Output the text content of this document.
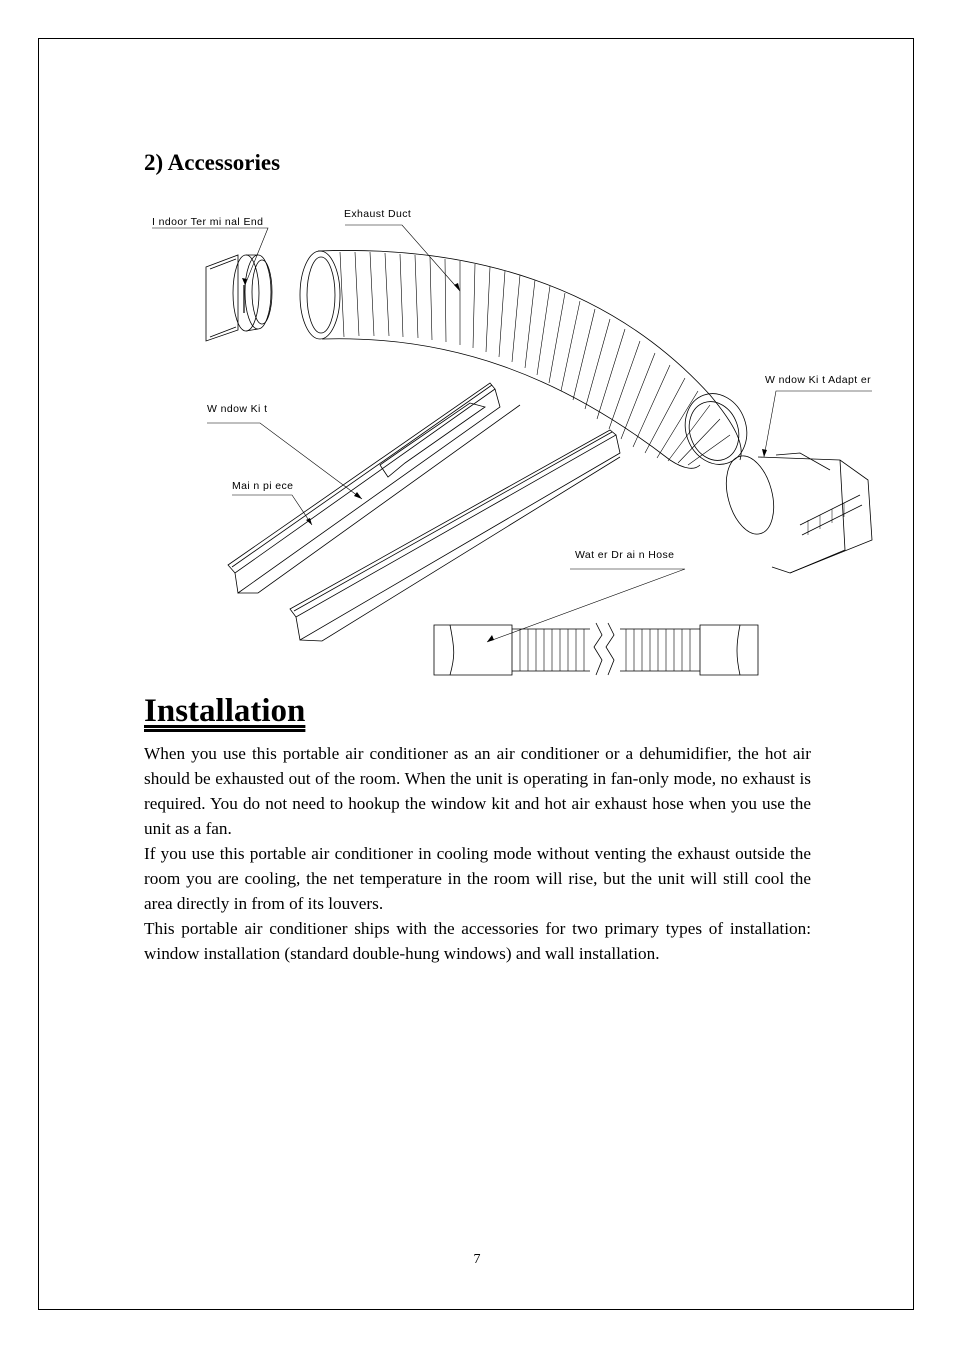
2) Accessories
I ndoor Ter mi nal End
Exhaust Duct
W ndow Ki t Adapt er
W ndow Ki t
Mai n pi ece
Wat er Dr ai n Hose
Installation

When you use this portable air conditioner as an air conditioner or a dehumidifier, the hot air should be exhausted out of the room. When the unit is operating in fan-only mode, no exhaust is required. You do not need to hookup the window kit and hot air exhaust hose when you use the unit as a fan.

If you use this portable air conditioner in cooling mode without venting the exhaust outside the room you are cooling, the net temperature in the room will rise, but the unit will still cool the area directly in from of its louvers.

This portable air conditioner ships with the accessories for two primary types of installation: window installation (standard double-hung windows) and wall installation.

7
